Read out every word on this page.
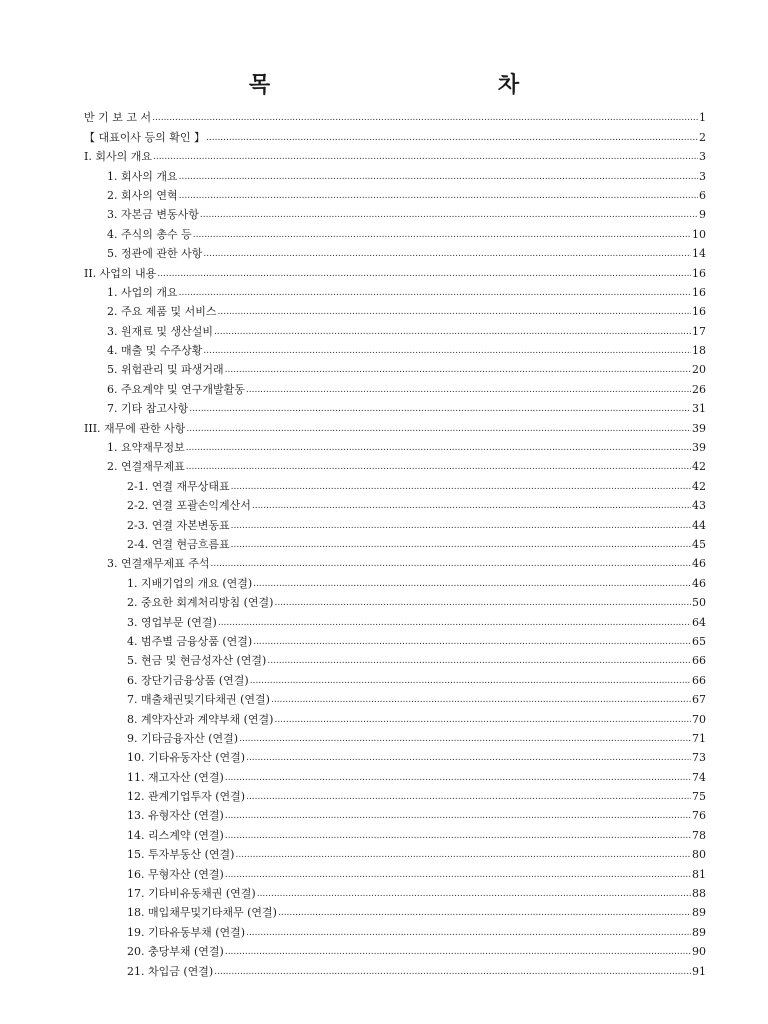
목 차
반 기 보 고 서 .....	1
【 대표이사 등의 확인 】 .....	2
I. 회사의 개요 .....	3
1. 회사의 개요 .....	3
2. 회사의 연혁 .....	6
3. 자본금 변동사항 .....	9
4. 주식의 총수 등 .....	10
5. 정관에 관한 사항 .....	14
II. 사업의 내용 .....	16
1. 사업의 개요 .....	16
2. 주요 제품 및 서비스 .....	16
3. 원재료 및 생산설비 .....	17
4. 매출 및 수주상황 .....	18
5. 위험관리 및 파생거래 .....	20
6. 주요계약 및 연구개발활동 .....	26
7. 기타 참고사항 .....	31
III. 재무에 관한 사항 .....	39
1. 요약재무정보 .....	39
2. 연결재무제표 .....	42
2-1. 연결 재무상태표 .....	42
2-2. 연결 포괄손익계산서 .....	43
2-3. 연결 자본변동표 .....	44
2-4. 연결 현금흐름표 .....	45
3. 연결재무제표 주석 .....	46
1. 지배기업의 개요 (연결) .....	46
2. 중요한 회계처리방침 (연결) .....	50
3. 영업부문 (연결) .....	64
4. 범주별 금융상품 (연결) .....	65
5. 현금 및 현금성자산 (연결) .....	66
6. 장단기금융상품 (연결) .....	66
7. 매출채권및기타채권 (연결) .....	67
8. 계약자산과 계약부채 (연결) .....	70
9. 기타금융자산 (연결) .....	71
10. 기타유동자산 (연결) .....	73
11. 재고자산 (연결) .....	74
12. 관계기업투자 (연결) .....	75
13. 유형자산 (연결) .....	76
14. 리스계약 (연결) .....	78
15. 투자부동산 (연결) .....	80
16. 무형자산 (연결) .....	81
17. 기타비유동채권 (연결) .....	88
18. 매입채무및기타채무 (연결) .....	89
19. 기타유동부채 (연결) .....	89
20. 충당부채 (연결) .....	90
21. 차입금 (연결) .....	91
